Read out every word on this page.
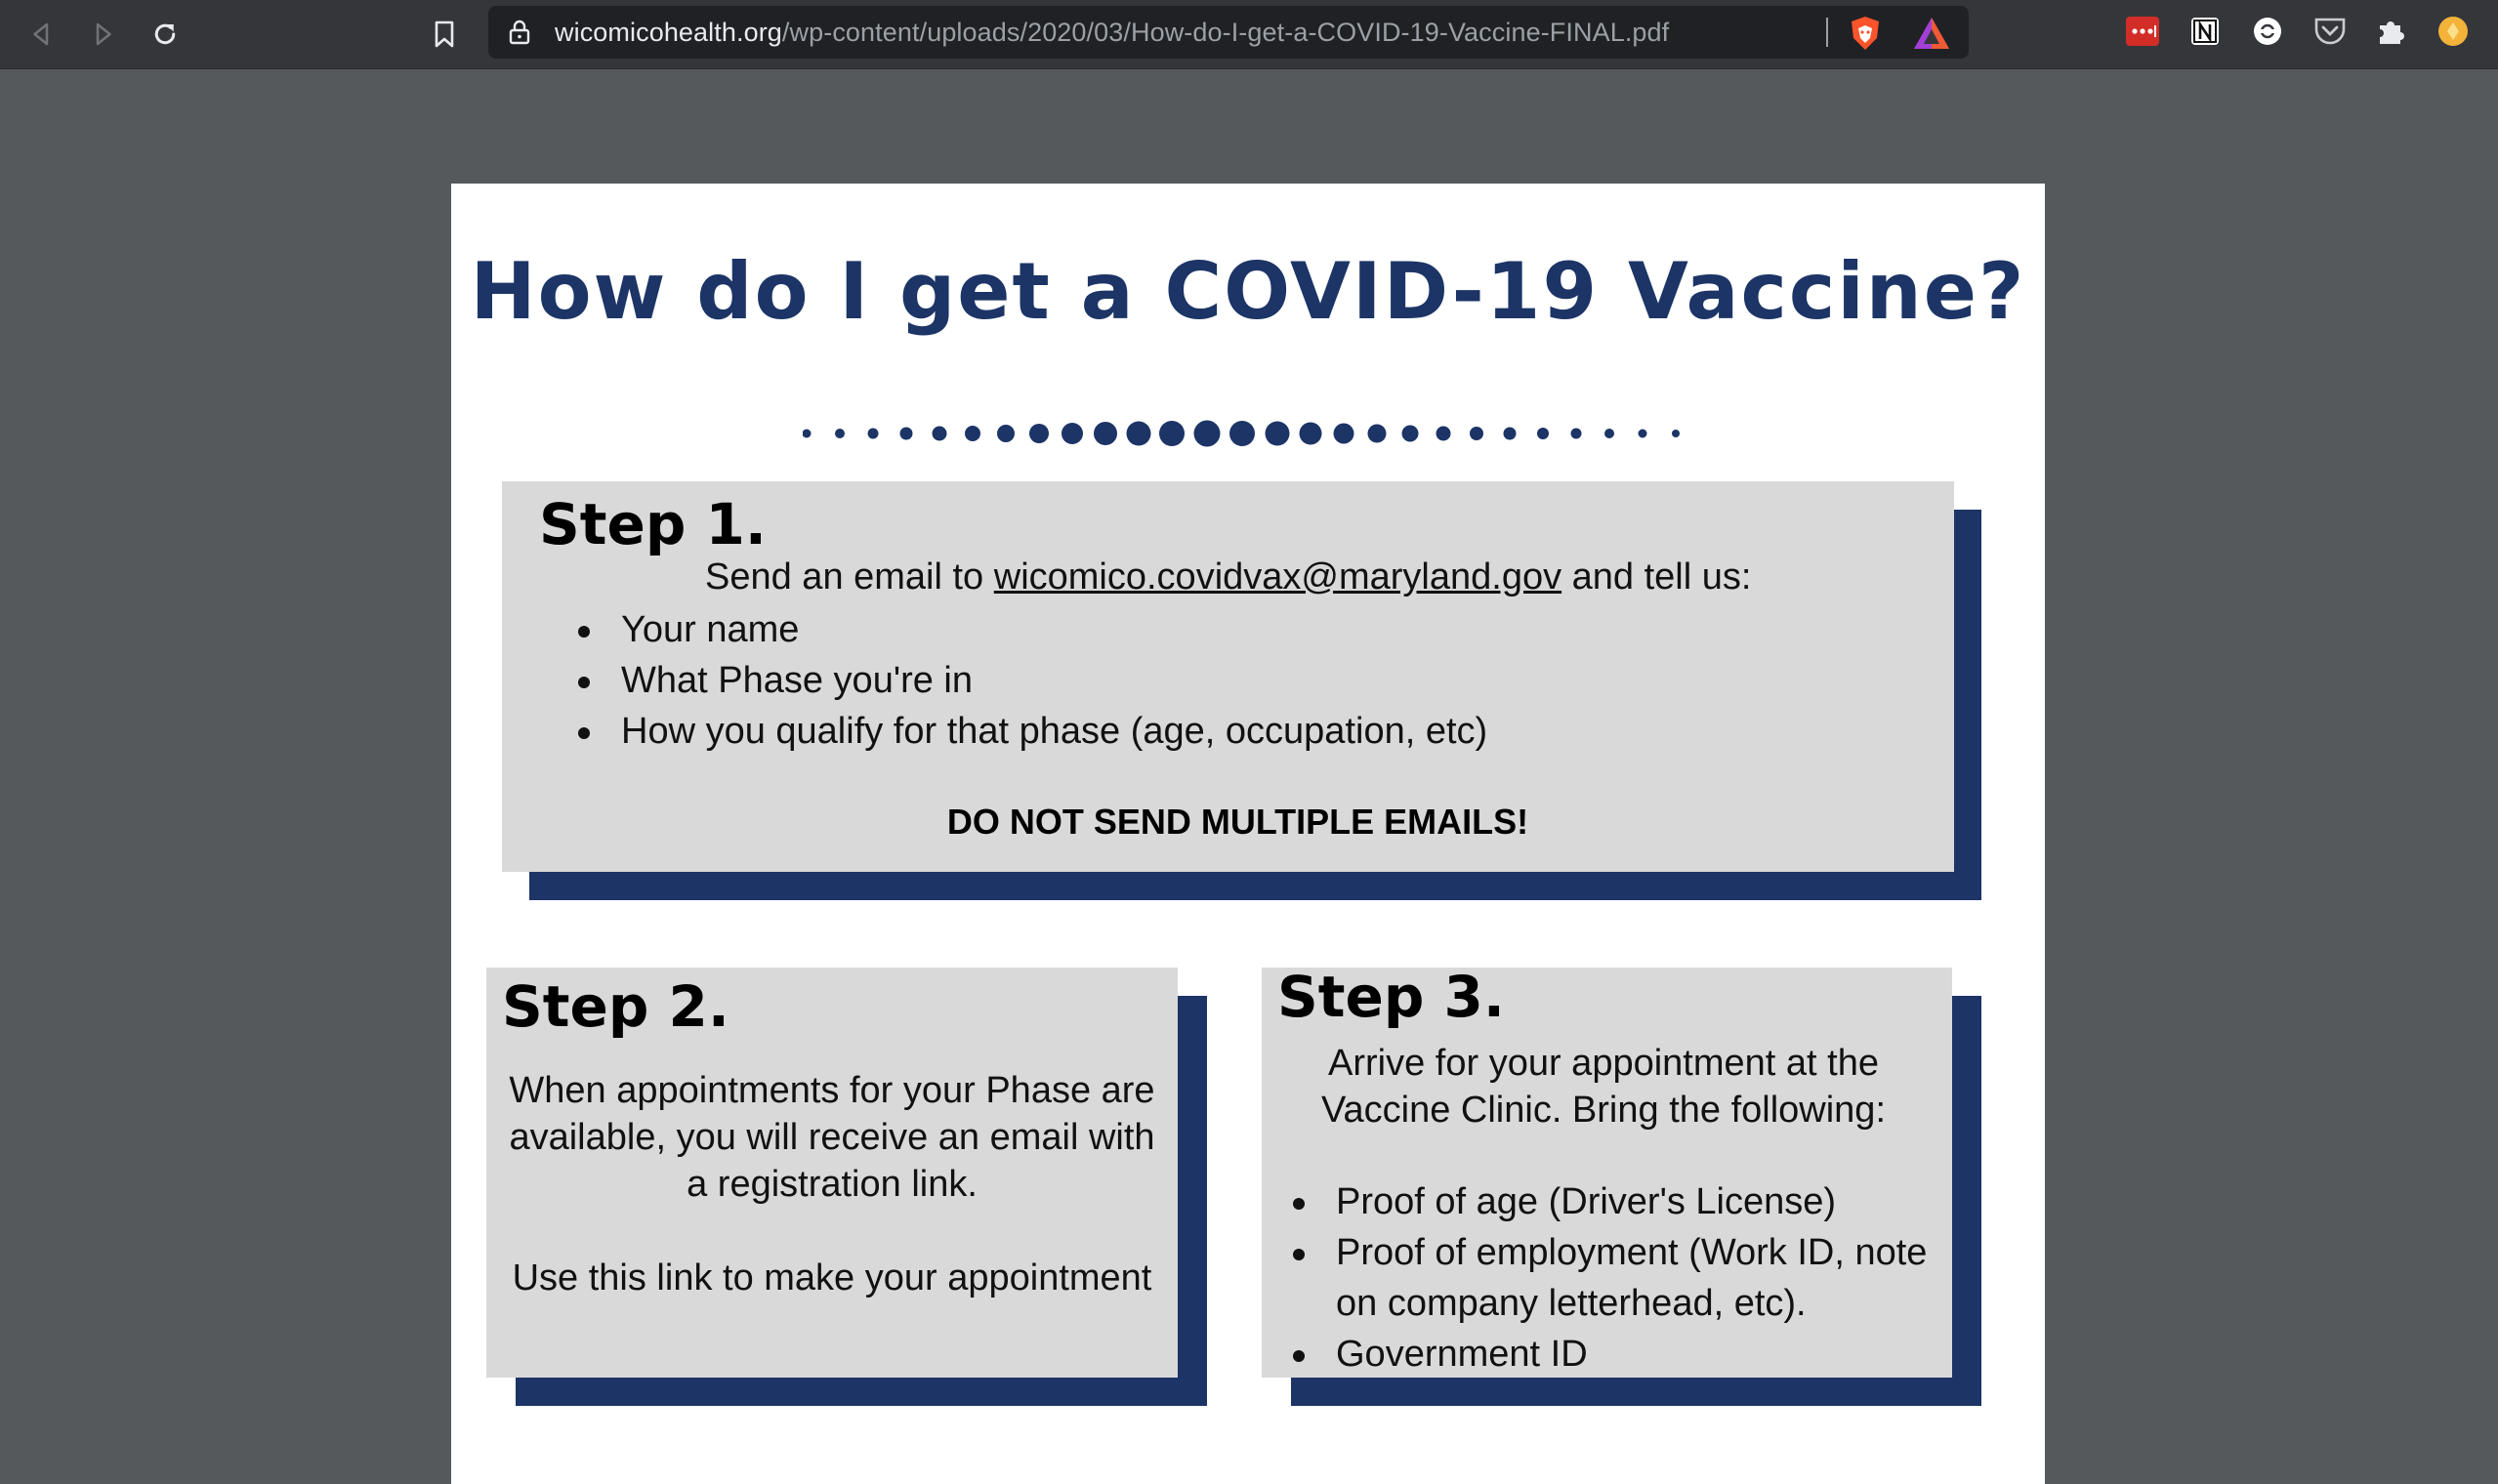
wicomicohealth.org/wp-content/uploads/2020/03/How-do-I-get-a-COVID-19-Vaccine-FINAL.pdf
How do I get a COVID-19 Vaccine?
Step 1.
Send an email to wicomico.covidvax@maryland.gov and tell us:
Your name
What Phase you're in
How you qualify for that phase (age, occupation, etc)
DO NOT SEND MULTIPLE EMAILS!
Step 2.
When appointments for your Phase are available, you will receive an email with a registration link.
Use this link to make your appointment
Step 3.
Arrive for your appointment at the Vaccine Clinic. Bring the following:
Proof of age (Driver's License)
Proof of employment (Work ID, note on company letterhead, etc).
Government ID
